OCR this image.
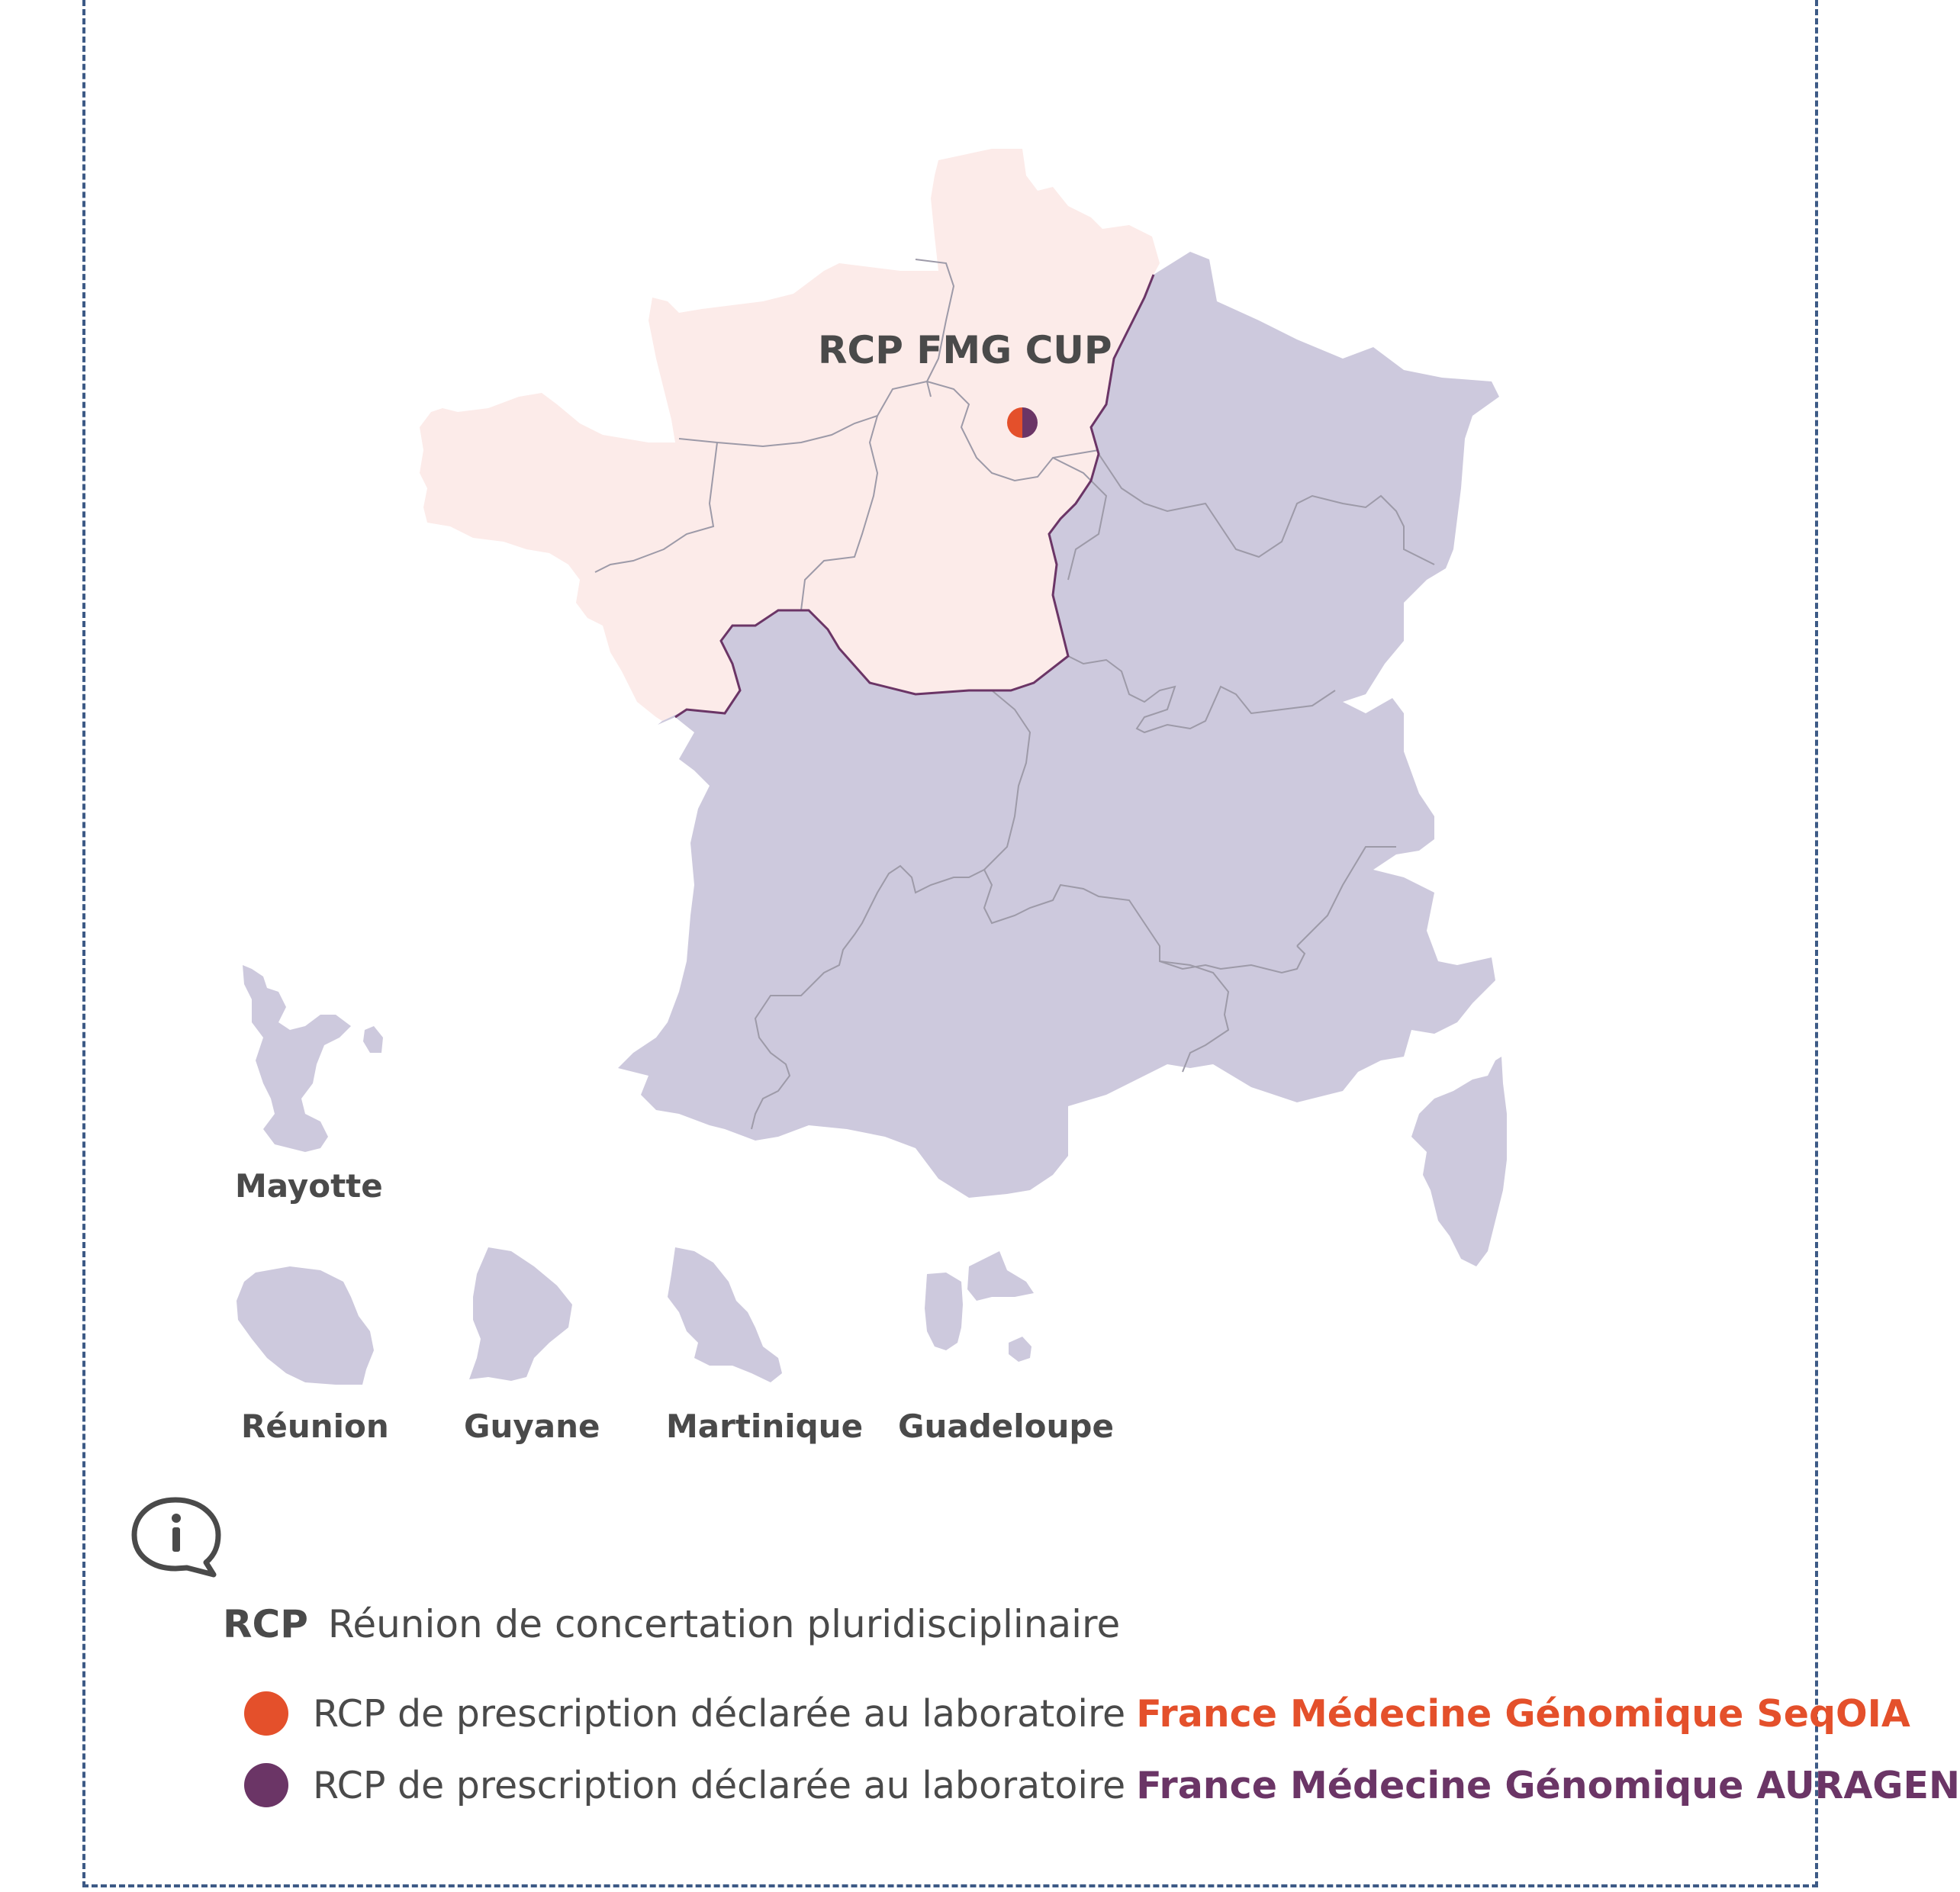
RCP FMG CUP
Mayotte
Réunion Guyane Martinique Guadeloupe
RCP Réunion de concertation pluridisciplinaire
RCP de prescription déclarée au laboratoire France Médecine Génomique SeqOIA
RCP de prescription déclarée au laboratoire France Médecine Génomique AURAGEN
